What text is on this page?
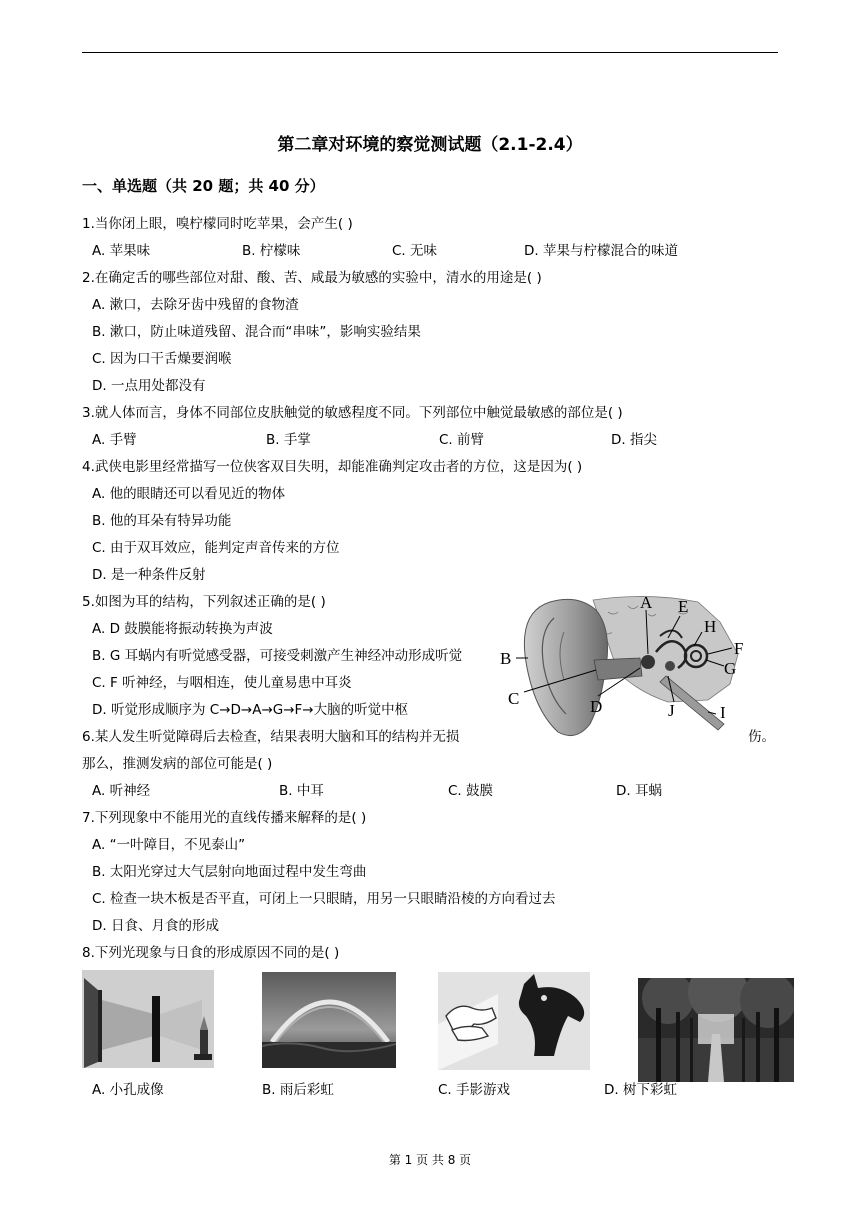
第二章对环境的察觉测试题（2.1-2.4）
一、单选题（共 20 题；共 40 分）
1.当你闭上眼，嗅柠檬同时吃苹果，会产生( )
A. 苹果味	B. 柠檬味	C. 无味	D. 苹果与柠檬混合的味道
2.在确定舌的哪些部位对甜、酸、苦、咸最为敏感的实验中，清水的用途是( )
A. 漱口，去除牙齿中残留的食物渣
B. 漱口，防止味道残留、混合而“串味”，影响实验结果
C. 因为口干舌燥要润喉
D. 一点用处都没有
3.就人体而言，身体不同部位皮肤触觉的敏感程度不同。下列部位中触觉最敏感的部位是( )
A. 手臂	B. 手掌	C. 前臂	D. 指尖
4.武侠电影里经常描写一位侠客双目失明，却能准确判定攻击者的方位，这是因为( )
A. 他的眼睛还可以看见近的物体
B. 他的耳朵有特异功能
C. 由于双耳效应，能判定声音传来的方位
D. 是一种条件反射
5.如图为耳的结构，下列叙述正确的是( )
A. D 鼓膜能将振动转换为声波
B. G 耳蜗内有听觉感受器，可接受刺激产生神经冲动形成听觉
C. F 听神经，与咽相连，使儿童易患中耳炎
D. 听觉形成顺序为 C→D→A→G→F→大脑的听觉中枢
A E
H
F
G
B
C	D	J	I
6.某人发生听觉障碍后去检查，结果表明大脑和耳的结构并无损	伤。
那么，推测发病的部位可能是( )
A. 听神经	B. 中耳	C. 鼓膜	D. 耳蜗
7.下列现象中不能用光的直线传播来解释的是( )
A. “一叶障目，不见泰山”
B. 太阳光穿过大气层射向地面过程中发生弯曲
C. 检查一块木板是否平直，可闭上一只眼睛，用另一只眼睛沿棱的方向看过去
D. 日食、月食的形成
8.下列光现象与日食的形成原因不同的是( )
A. 小孔成像	B. 雨后彩虹	C. 手影游戏	D. 树下彩虹
第 1 页 共 8 页
